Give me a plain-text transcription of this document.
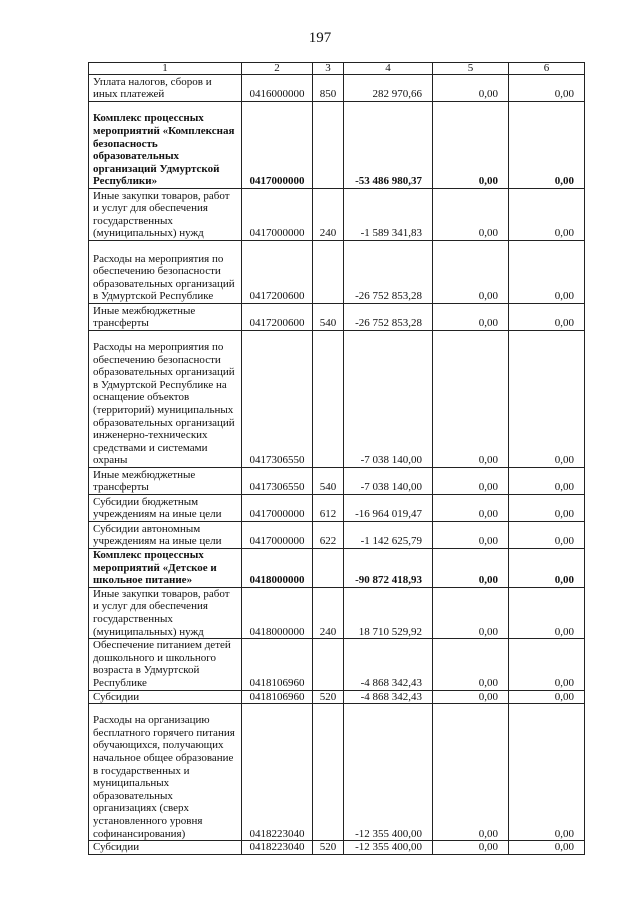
197
1	2	3	4	5	6
Уплата налогов, сборов и иных платежей	0416000000	850	282 970,66	0,00	0,00
Комплекс процессных мероприятий «Комплексная безопасность образовательных организаций Удмуртской Республики»	0417000000		-53 486 980,37	0,00	0,00
Иные закупки товаров, работ и услуг для обеспечения государственных (муниципальных) нужд	0417000000	240	-1 589 341,83	0,00	0,00
Расходы на мероприятия по обеспечению безопасности образовательных организаций в Удмуртской Республике	0417200600		-26 752 853,28	0,00	0,00
Иные межбюджетные трансферты	0417200600	540	-26 752 853,28	0,00	0,00
Расходы на мероприятия по обеспечению безопасности образовательных организаций в Удмуртской Республике на оснащение объектов (территорий) муниципальных образовательных организаций инженерно-технических средствами и системами охраны	0417306550		-7 038 140,00	0,00	0,00
Иные межбюджетные трансферты	0417306550	540	-7 038 140,00	0,00	0,00
Субсидии бюджетным учреждениям на иные цели	0417000000	612	-16 964 019,47	0,00	0,00
Субсидии автономным учреждениям на иные цели	0417000000	622	-1 142 625,79	0,00	0,00
Комплекс процессных мероприятий «Детское и школьное питание»	0418000000		-90 872 418,93	0,00	0,00
Иные закупки товаров, работ и услуг для обеспечения государственных (муниципальных) нужд	0418000000	240	18 710 529,92	0,00	0,00
Обеспечение питанием детей дошкольного и школьного возраста в Удмуртской Республике	0418106960		-4 868 342,43	0,00	0,00
Субсидии	0418106960	520	-4 868 342,43	0,00	0,00
Расходы на организацию бесплатного горячего питания обучающихся, получающих начальное общее образование в государственных и муниципальных образовательных организациях (сверх установленного уровня софинансирования)	0418223040		-12 355 400,00	0,00	0,00
Субсидии	0418223040	520	-12 355 400,00	0,00	0,00
